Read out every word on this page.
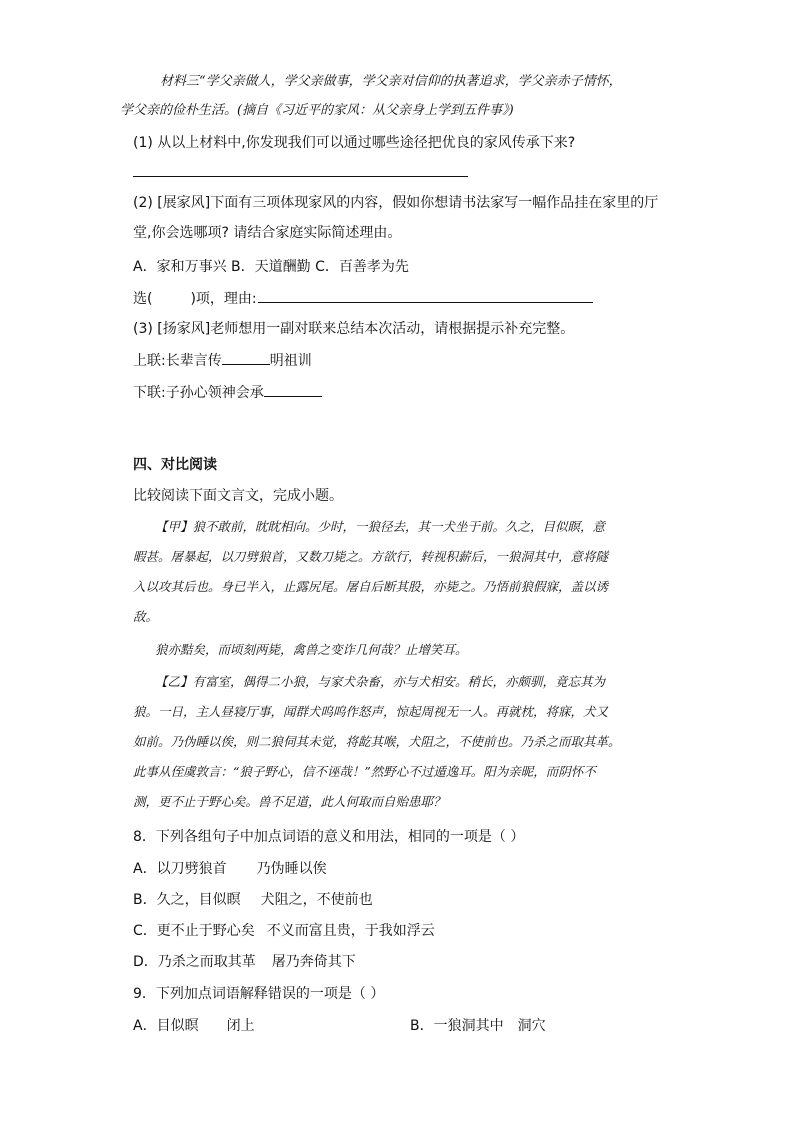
材料三“学父亲做人，学父亲做事，学父亲对信仰的执著追求，学父亲赤子情怀，
学父亲的俭朴生活。(摘自《习近平的家风：从父亲身上学到五件事》)
(1) 从以上材料中,你发现我们可以通过哪些途径把优良的家风传承下来?
(2) [展家风]下面有三项体现家风的内容，假如你想请书法家写一幅作品挂在家里的厅
堂,你会选哪项? 请结合家庭实际简述理由。
A．家和万事兴 B．天道酬勤 C．百善孝为先
选(	)项，理由:
(3) [扬家风]老师想用一副对联来总结本次活动，请根据提示补充完整。
上联:长辈言传	明祖训
下联:子孙心领神会承
四、对比阅读
比较阅读下面文言文，完成小题。
【甲】狼不敢前，眈眈相向。少时，一狼径去，其一犬坐于前。久之，目似瞑，意
暇甚。屠暴起，以刀劈狼首，又数刀毙之。方欲行，转视积薪后，一狼洞其中，意将隧
入以攻其后也。身已半入，止露尻尾。屠自后断其股，亦毙之。乃悟前狼假寐，盖以诱
敌。
狼亦黠矣，而顷刻两毙，禽兽之变诈几何哉？止增笑耳。
【乙】有富室，偶得二小狼，与家犬杂畜，亦与犬相安。稍长，亦颇驯，竟忘其为
狼。一日，主人昼寝厅事，闻群犬呜呜作怒声，惊起周视无一人。再就枕，将寐，犬又
如前。乃伪睡以俟，则二狼伺其未觉，将龁其喉，犬阻之，不使前也。乃杀之而取其革。
此事从侄虞敦言：“狼子野心，信不诬哉！”然野心不过遁逸耳。阳为亲昵，而阴怀不
测，更不止于野心矣。兽不足道，此人何取而自贻患耶？
8．下列各组句子中加点词语的意义和用法，相同的一项是（ ）
A．以刀劈狼首 乃伪睡以俟
B．久之，目似瞑 犬阻之，不使前也
C．更不止于野心矣 不义而富且贵，于我如浮云
D．乃杀之而取其革 屠乃奔倚其下
9．下列加点词语解释错误的一项是（ ）
A．目似瞑 闭上	B．一狼洞其中 洞穴
